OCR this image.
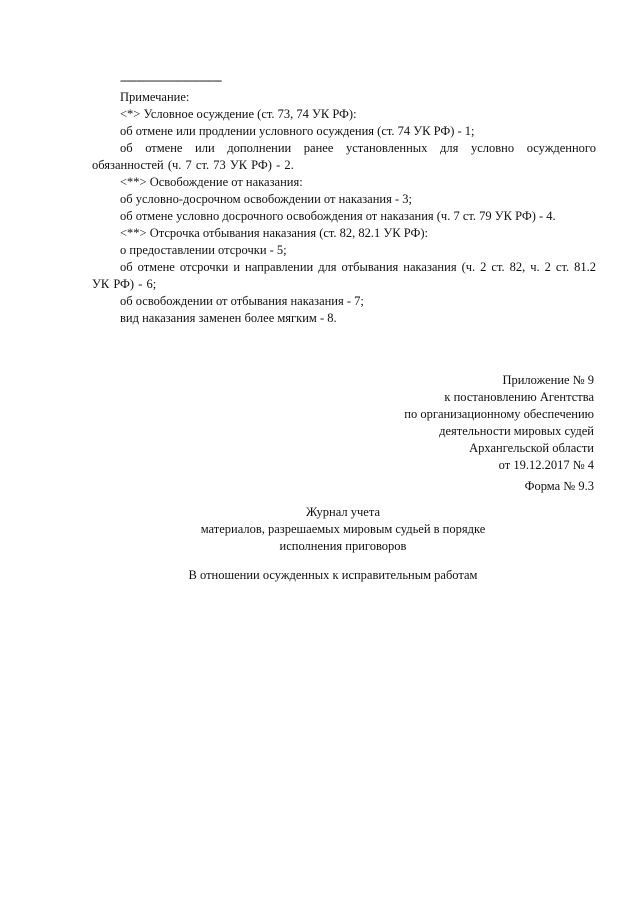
--------------------------------
Примечание:
<*> Условное осуждение (ст. 73, 74 УК РФ):
об отмене или продлении условного осуждения (ст. 74 УК РФ) - 1;
об отмене или дополнении ранее установленных для условно осужденного обязанностей (ч. 7 ст. 73 УК РФ) - 2.
<**> Освобождение от наказания:
об условно-досрочном освобождении от наказания - 3;
об отмене условно досрочного освобождения от наказания (ч. 7 ст. 79 УК РФ) - 4.
<**> Отсрочка отбывания наказания (ст. 82, 82.1 УК РФ):
о предоставлении отсрочки - 5;
об отмене отсрочки и направлении для отбывания наказания (ч. 2 ст. 82, ч. 2 ст. 81.2 УК РФ) - 6;
об освобождении от отбывания наказания - 7;
вид наказания заменен более мягким - 8.
Приложение № 9
к постановлению Агентства
по организационному обеспечению
деятельности мировых судей
Архангельской области
от 19.12.2017 № 4
Форма № 9.3
Журнал учета
материалов, разрешаемых мировым судьей в порядке
исполнения приговоров
В отношении осужденных к исправительным работам
